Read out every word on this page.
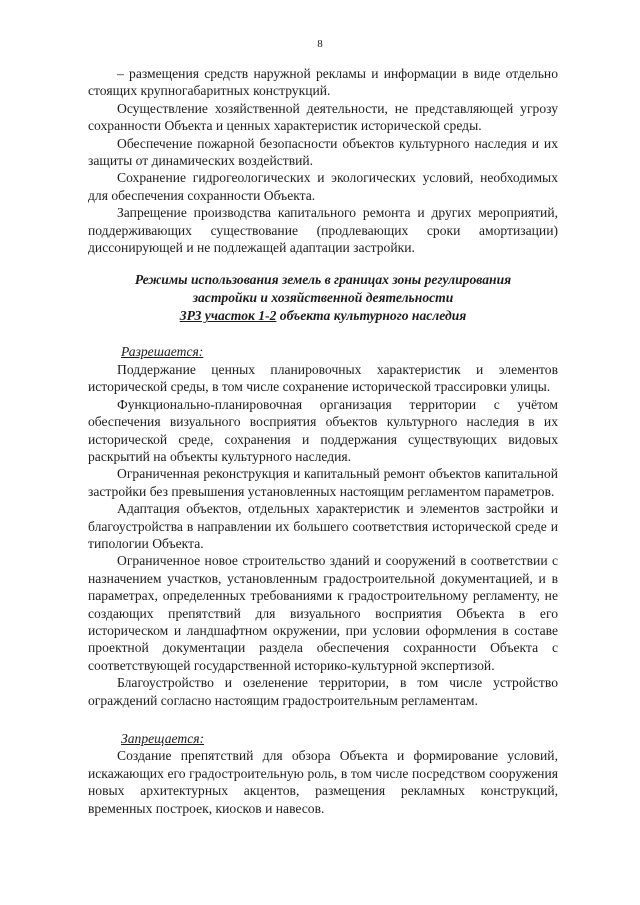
8

– размещения средств наружной рекламы и информации в виде отдельно стоящих крупногабаритных конструкций.

Осуществление хозяйственной деятельности, не представляющей угрозу сохранности Объекта и ценных характеристик исторической среды.

Обеспечение пожарной безопасности объектов культурного наследия и их защиты от динамических воздействий.

Сохранение гидрогеологических и экологических условий, необходимых для обеспечения сохранности Объекта.

Запрещение производства капитального ремонта и других мероприятий, поддерживающих существование (продлевающих сроки амортизации) диссонирующей и не подлежащей адаптации застройки.

Режимы использования земель в границах зоны регулирования
застройки и хозяйственной деятельности
ЗРЗ участок 1-2 объекта культурного наследия
Разрешается:

Поддержание ценных планировочных характеристик и элементов исторической среды, в том числе сохранение исторической трассировки улицы.

Функционально-планировочная организация территории с учётом обеспечения визуального восприятия объектов культурного наследия в их исторической среде, сохранения и поддержания существующих видовых раскрытий на объекты культурного наследия.

Ограниченная реконструкция и капитальный ремонт объектов капитальной застройки без превышения установленных настоящим регламентом параметров.

Адаптация объектов, отдельных характеристик и элементов застройки и благоустройства в направлении их большего соответствия исторической среде и типологии Объекта.

Ограниченное новое строительство зданий и сооружений в соответствии с назначением участков, установленным градостроительной документацией, и в параметрах, определенных требованиями к градостроительному регламенту, не создающих препятствий для визуального восприятия Объекта в его историческом и ландшафтном окружении, при условии оформления в составе проектной документации раздела обеспечения сохранности Объекта с соответствующей государственной историко-культурной экспертизой.

Благоустройство и озеленение территории, в том числе устройство ограждений согласно настоящим градостроительным регламентам.

Запрещается:

Создание препятствий для обзора Объекта и формирование условий, искажающих его градостроительную роль, в том числе посредством сооружения новых архитектурных акцентов, размещения рекламных конструкций, временных построек, киосков и навесов.
